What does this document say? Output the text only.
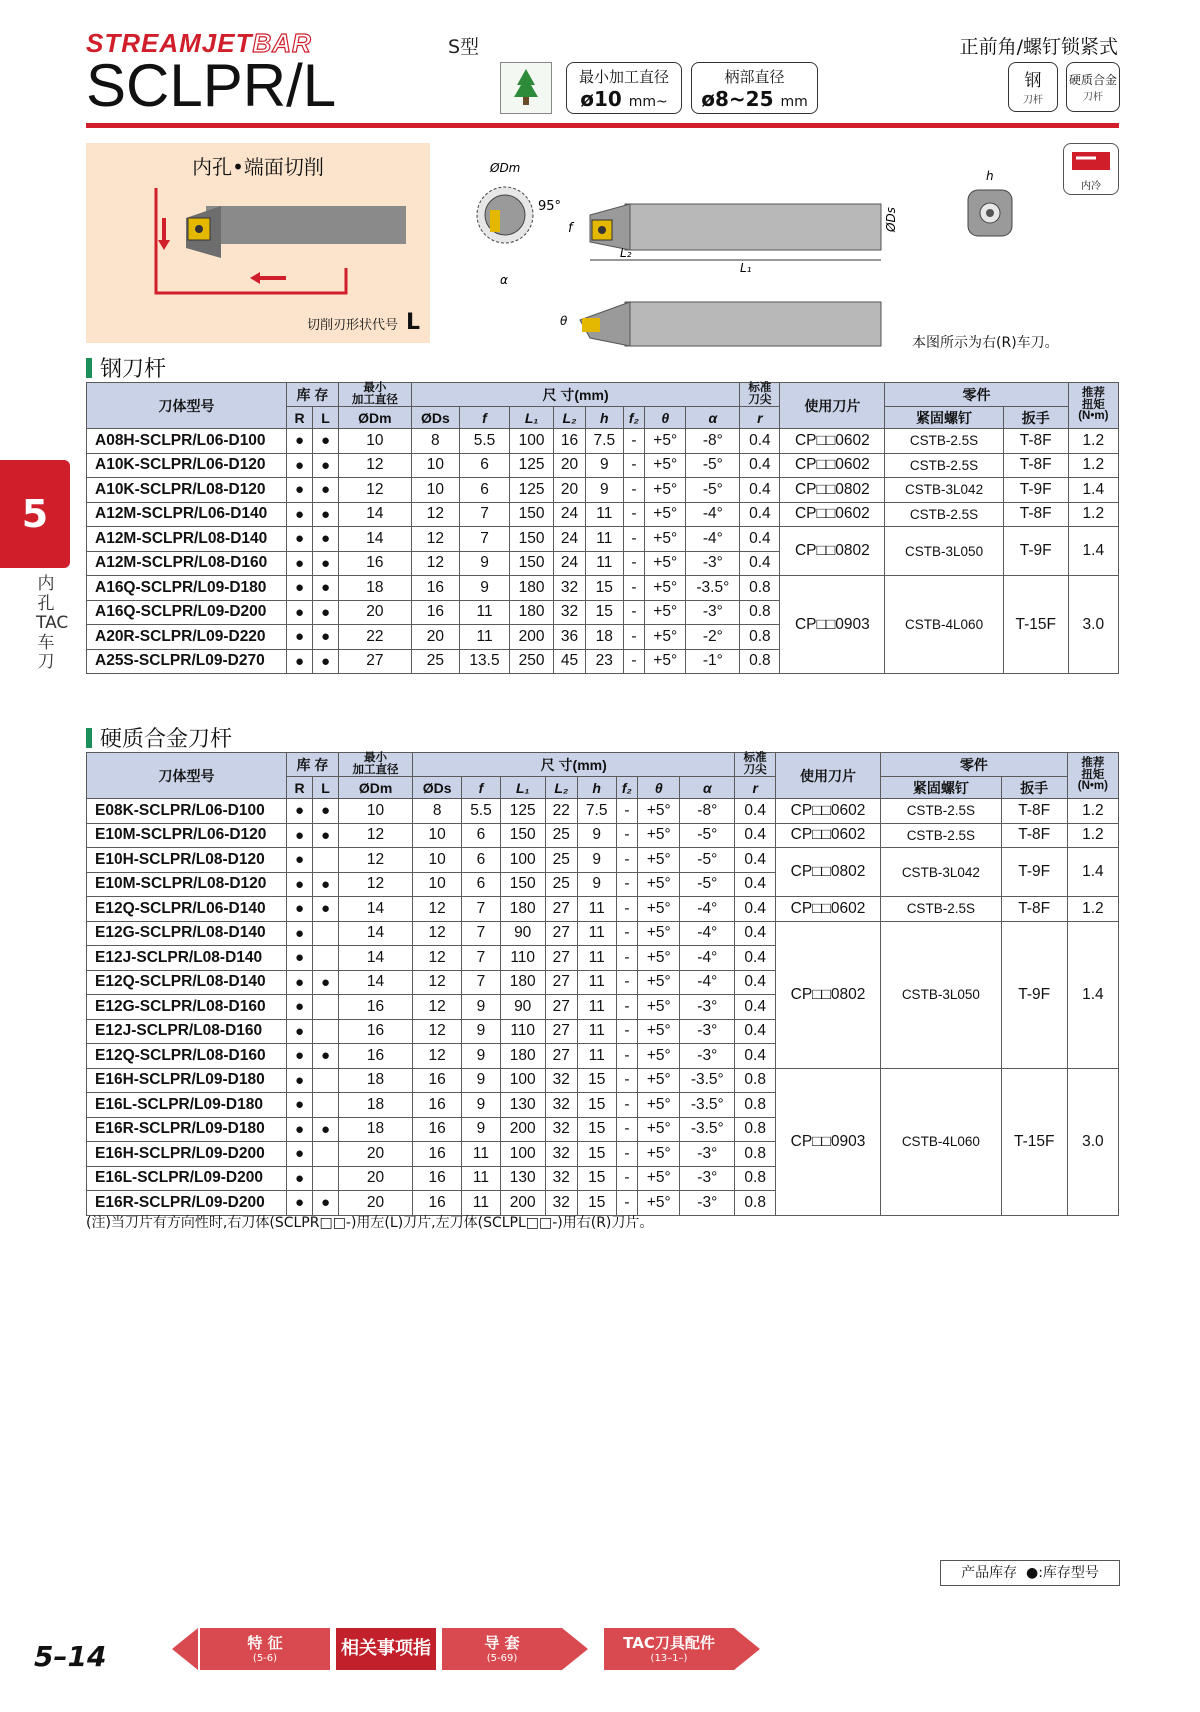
STREAMJETBAR	S型
SCLPR/L	最小加工直径
ø10 mm~
柄部直径
ø8~25 mm
正前角/螺钉锁紧式
钢
刀杆
硬质合金
刀杆
内孔•端面切削
切削刃形状代号 L
ØDm
α
95°
f
L₂
L₁
ØDs
θ
h
内冷
本图所示为右(R)车刀。
钢刀杆
刀体型号	库 存		最小
加工直径	尺 寸(mm)								标准
刀尖	使用刀片	零件		推荐
扭矩
(N•m)
	R	L	ØDm	ØDs	f	L₁	L₂	h	f₂	θ	α	r		紧固螺钉	扳手	
A08H-SCLPR/L06-D100	●	●	10	8	5.5	100	16	7.5	-	+5°	-8°	0.4	CP□□0602	CSTB-2.5S	T-8F	1.2
A10K-SCLPR/L06-D120	●	●	12	10	6	125	20	9	-	+5°	-5°	0.4	CP□□0602	CSTB-2.5S	T-8F	1.2
A10K-SCLPR/L08-D120	●	●	12	10	6	125	20	9	-	+5°	-5°	0.4	CP□□0802	CSTB-3L042	T-9F	1.4
A12M-SCLPR/L06-D140	●	●	14	12	7	150	24	11	-	+5°	-4°	0.4	CP□□0602	CSTB-2.5S	T-8F	1.2
A12M-SCLPR/L08-D140	●	●	14	12	7	150	24	11	-	+5°	-4°	0.4	CP□□0802	CSTB-3L050	T-9F	1.4
A12M-SCLPR/L08-D160	●	●	16	12	9	150	24	11	-	+5°	-3°	0.4				
A16Q-SCLPR/L09-D180	●	●	18	16	9	180	32	15	-	+5°	-3.5°	0.8	CP□□0903	CSTB-4L060	T-15F	3.0
A16Q-SCLPR/L09-D200	●	●	20	16	11	180	32	15	-	+5°	-3°	0.8				
A20R-SCLPR/L09-D220	●	●	22	20	11	200	36	18	-	+5°	-2°	0.8				
A25S-SCLPR/L09-D270	●	●	27	25	13.5	250	45	23	-	+5°	-1°	0.8				
硬质合金刀杆
刀体型号	库 存		最小
加工直径	尺 寸(mm)								标准
刀尖	使用刀片	零件		推荐
扭矩
(N•m)
	R	L	ØDm	ØDs	f	L₁	L₂	h	f₂	θ	α	r		紧固螺钉	扳手	
E08K-SCLPR/L06-D100	●	●	10	8	5.5	125	22	7.5	-	+5°	-8°	0.4	CP□□0602	CSTB-2.5S	T-8F	1.2
E10M-SCLPR/L06-D120	●	●	12	10	6	150	25	9	-	+5°	-5°	0.4	CP□□0602	CSTB-2.5S	T-8F	1.2
E10H-SCLPR/L08-D120	●		12	10	6	100	25	9	-	+5°	-5°	0.4	CP□□0802	CSTB-3L042	T-9F	1.4
E10M-SCLPR/L08-D120	●	●	12	10	6	150	25	9	-	+5°	-5°	0.4				
E12Q-SCLPR/L06-D140	●	●	14	12	7	180	27	11	-	+5°	-4°	0.4	CP□□0602	CSTB-2.5S	T-8F	1.2
E12G-SCLPR/L08-D140	●		14	12	7	90	27	11	-	+5°	-4°	0.4	CP□□0802	CSTB-3L050	T-9F	1.4
E12J-SCLPR/L08-D140	●		14	12	7	110	27	11	-	+5°	-4°	0.4				
E12Q-SCLPR/L08-D140	●	●	14	12	7	180	27	11	-	+5°	-4°	0.4				
E12G-SCLPR/L08-D160	●		16	12	9	90	27	11	-	+5°	-3°	0.4				
E12J-SCLPR/L08-D160	●		16	12	9	110	27	11	-	+5°	-3°	0.4				
E12Q-SCLPR/L08-D160	●	●	16	12	9	180	27	11	-	+5°	-3°	0.4				
E16H-SCLPR/L09-D180	●		18	16	9	100	32	15	-	+5°	-3.5°	0.8	CP□□0903	CSTB-4L060	T-15F	3.0
E16L-SCLPR/L09-D180	●		18	16	9	130	32	15	-	+5°	-3.5°	0.8				
E16R-SCLPR/L09-D180	●	●	18	16	9	200	32	15	-	+5°	-3.5°	0.8				
E16H-SCLPR/L09-D200	●		20	16	11	100	32	15	-	+5°	-3°	0.8				
E16L-SCLPR/L09-D200	●		20	16	11	130	32	15	-	+5°	-3°	0.8				
E16R-SCLPR/L09-D200	●	●	20	16	11	200	32	15	-	+5°	-3°	0.8				
(注)当刀片有方向性时,右刀体(SCLPR□□-)用左(L)刀片,左刀体(SCLPL□□-)用右(R)刀片。
5
内孔TAC车刀
产品库存 ●:库存型号
5–14	特 征
(5-6)	相关事项指南
导 套
(5-69)
TAC刀具配件
(13–1–)
